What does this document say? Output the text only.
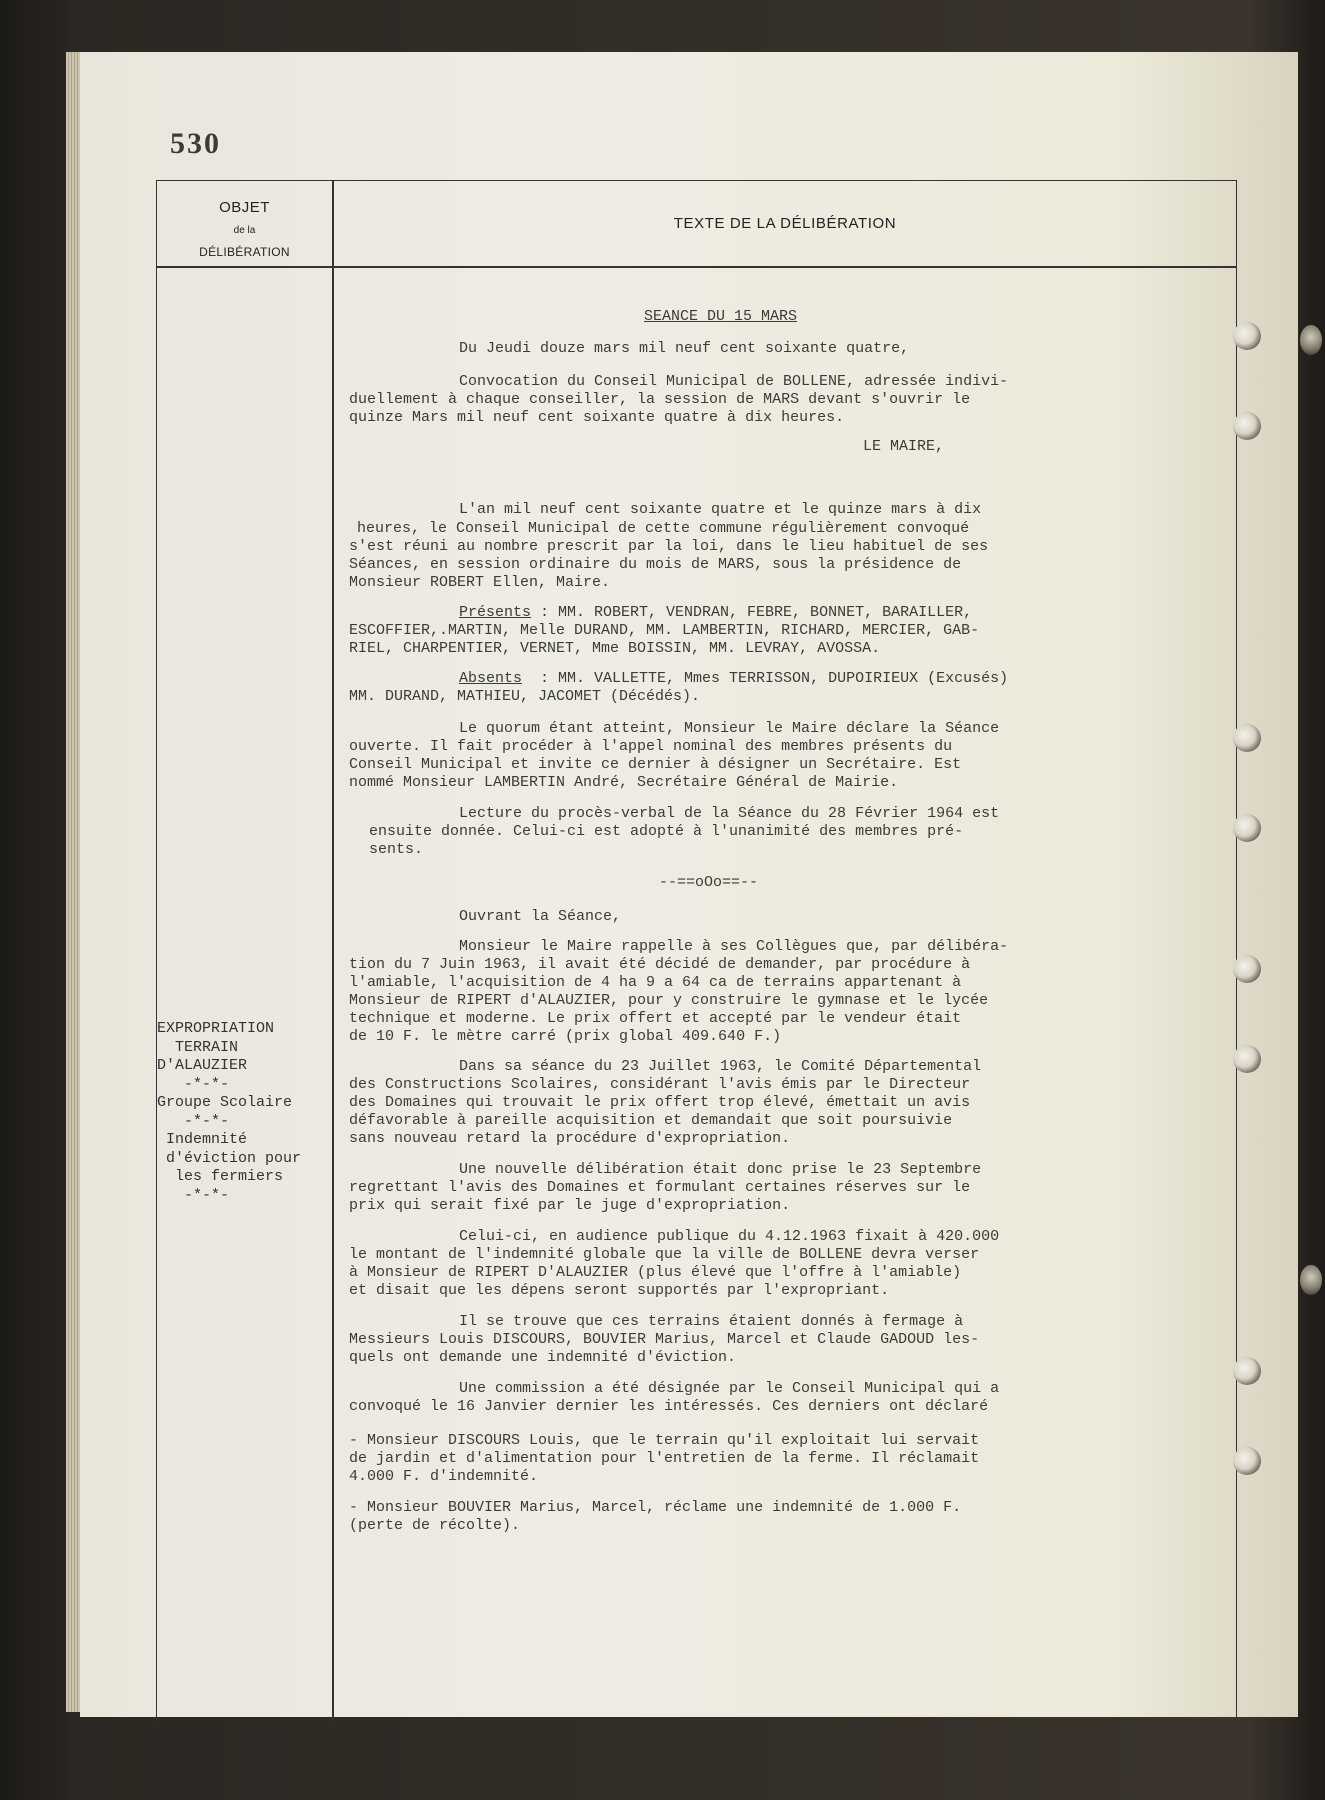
530
OBJET
de la
DÉLIBÉRATION
TEXTE DE LA DÉLIBÉRATION
EXPROPRIATION
TERRAIN
D'ALAUZIER
-*-*-
Groupe Scolaire
-*-*-
Indemnité
d'éviction pour
les fermiers
-*-*-
SEANCE DU 15 MARS
Du Jeudi douze mars mil neuf cent soixante quatre,
Convocation du Conseil Municipal de BOLLENE, adressée indivi-
duellement à chaque conseiller, la session de MARS devant s'ouvrir le
quinze Mars mil neuf cent soixante quatre à dix heures.
LE MAIRE,
L'an mil neuf cent soixante quatre et le quinze mars à dix
heures, le Conseil Municipal de cette commune régulièrement convoqué
s'est réuni au nombre prescrit par la loi, dans le lieu habituel de ses
Séances, en session ordinaire du mois de MARS, sous la présidence de
Monsieur ROBERT Ellen, Maire.
Présents : MM. ROBERT, VENDRAN, FEBRE, BONNET, BARAILLER,
ESCOFFIER,.MARTIN, Melle DURAND, MM. LAMBERTIN, RICHARD, MERCIER, GAB-
RIEL, CHARPENTIER, VERNET, Mme BOISSIN, MM. LEVRAY, AVOSSA.
Absents  : MM. VALLETTE, Mmes TERRISSON, DUPOIRIEUX (Excusés)
MM. DURAND, MATHIEU, JACOMET (Décédés).
Le quorum étant atteint, Monsieur le Maire déclare la Séance
ouverte. Il fait procéder à l'appel nominal des membres présents du
Conseil Municipal et invite ce dernier à désigner un Secrétaire. Est
nommé Monsieur LAMBERTIN André, Secrétaire Général de Mairie.
Lecture du procès-verbal de la Séance du 28 Février 1964 est
ensuite donnée. Celui-ci est adopté à l'unanimité des membres pré-
sents.
--==oOo==--
Ouvrant la Séance,
Monsieur le Maire rappelle à ses Collègues que, par délibéra-
tion du 7 Juin 1963, il avait été décidé de demander, par procédure à
l'amiable, l'acquisition de 4 ha 9 a 64 ca de terrains appartenant à
Monsieur de RIPERT d'ALAUZIER, pour y construire le gymnase et le lycée
technique et moderne. Le prix offert et accepté par le vendeur était
de 10 F. le mètre carré (prix global 409.640 F.)
Dans sa séance du 23 Juillet 1963, le Comité Départemental
des Constructions Scolaires, considérant l'avis émis par le Directeur
des Domaines qui trouvait le prix offert trop élevé, émettait un avis
défavorable à pareille acquisition et demandait que soit poursuivie
sans nouveau retard la procédure d'expropriation.
Une nouvelle délibération était donc prise le 23 Septembre
regrettant l'avis des Domaines et formulant certaines réserves sur le
prix qui serait fixé par le juge d'expropriation.
Celui-ci, en audience publique du 4.12.1963 fixait à 420.000
le montant de l'indemnité globale que la ville de BOLLENE devra verser
à Monsieur de RIPERT D'ALAUZIER (plus élevé que l'offre à l'amiable)
et disait que les dépens seront supportés par l'expropriant.
Il se trouve que ces terrains étaient donnés à fermage à
Messieurs Louis DISCOURS, BOUVIER Marius, Marcel et Claude GADOUD les-
quels ont demande une indemnité d'éviction.
Une commission a été désignée par le Conseil Municipal qui a
convoqué le 16 Janvier dernier les intéressés. Ces derniers ont déclaré
- Monsieur DISCOURS Louis, que le terrain qu'il exploitait lui servait
de jardin et d'alimentation pour l'entretien de la ferme. Il réclamait
4.000 F. d'indemnité.
- Monsieur BOUVIER Marius, Marcel, réclame une indemnité de 1.000 F.
(perte de récolte).
